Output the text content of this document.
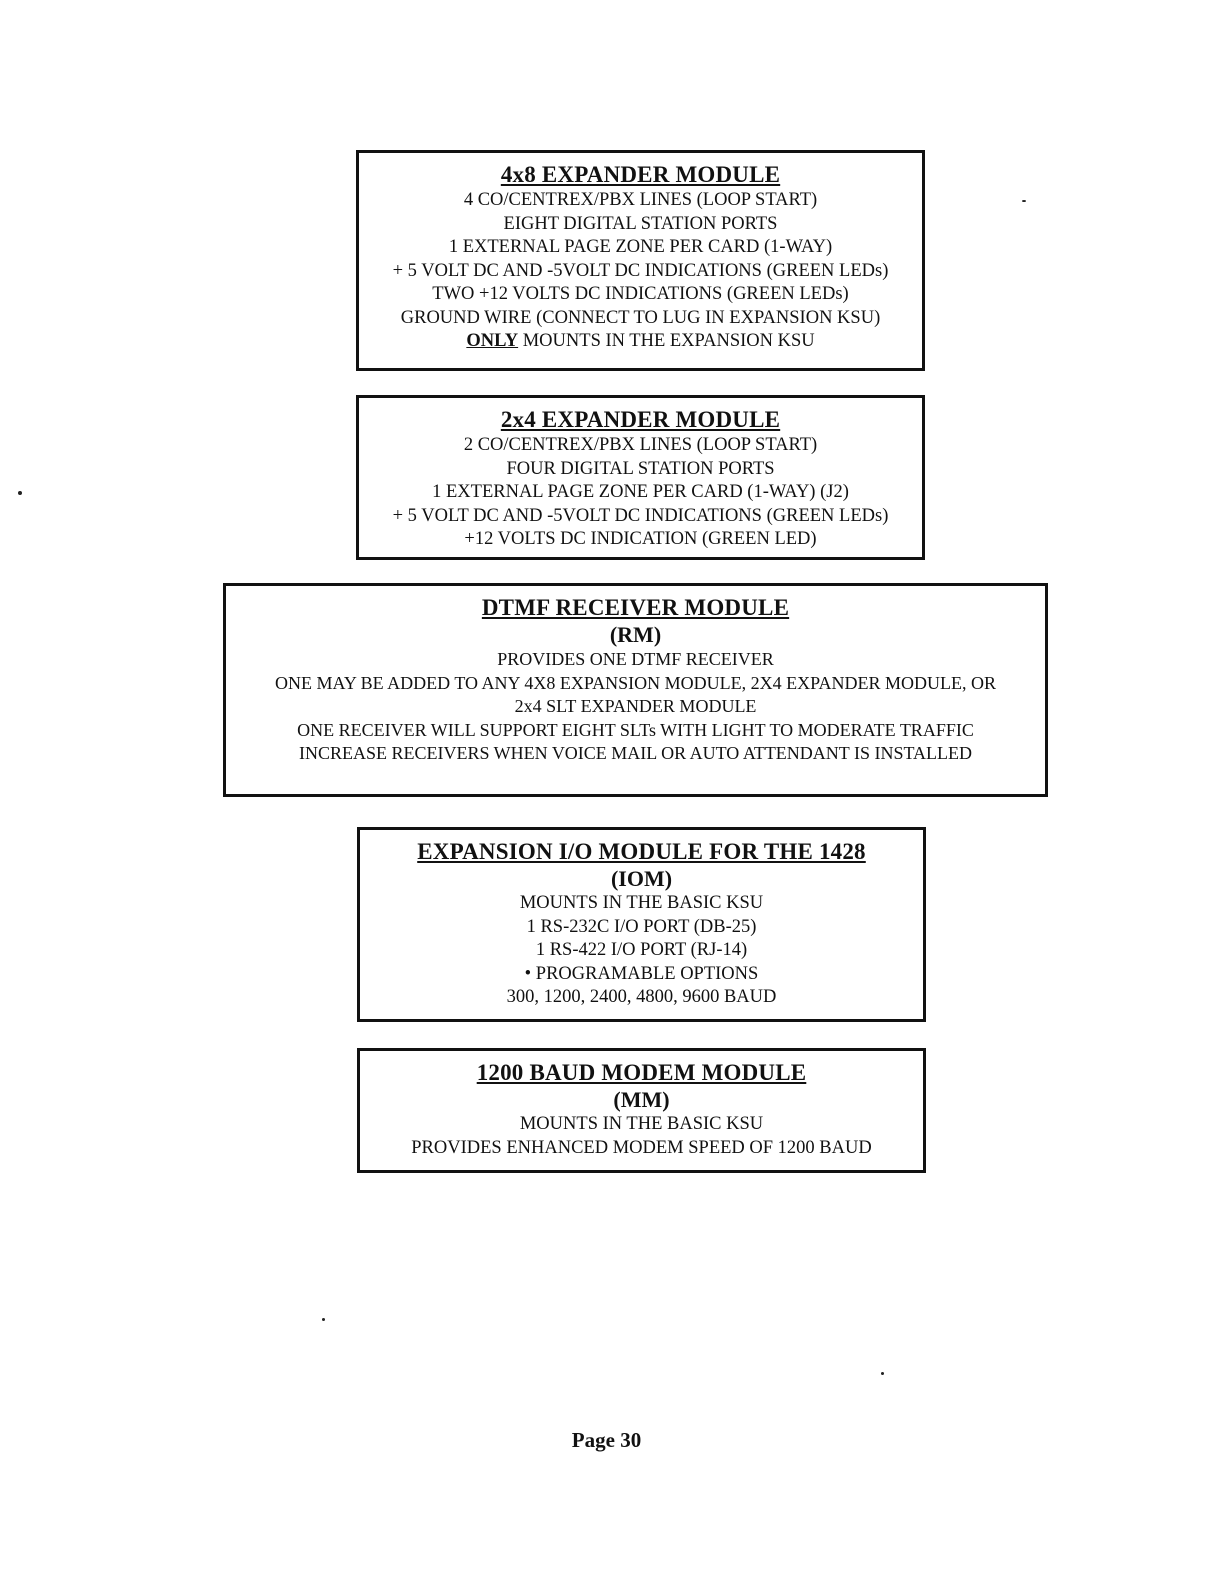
4x8 EXPANDER MODULE
4 CO/CENTREX/PBX LINES (LOOP START)
EIGHT DIGITAL STATION PORTS
1 EXTERNAL PAGE ZONE PER CARD (1-WAY)
+ 5 VOLT DC AND -5VOLT DC INDICATIONS (GREEN LEDs)
TWO +12 VOLTS DC INDICATIONS (GREEN LEDs)
GROUND WIRE (CONNECT TO LUG IN EXPANSION KSU)
ONLY MOUNTS IN THE EXPANSION KSU
2x4 EXPANDER MODULE
2 CO/CENTREX/PBX LINES (LOOP START)
FOUR DIGITAL STATION PORTS
1 EXTERNAL PAGE ZONE PER CARD (1-WAY) (J2)
+ 5 VOLT DC AND -5VOLT DC INDICATIONS (GREEN LEDs)
+12 VOLTS DC INDICATION (GREEN LED)
DTMF RECEIVER MODULE
(RM)
PROVIDES ONE DTMF RECEIVER
ONE MAY BE ADDED TO ANY 4X8 EXPANSION MODULE, 2X4 EXPANDER MODULE, OR
2x4 SLT EXPANDER MODULE
ONE RECEIVER WILL SUPPORT EIGHT SLTs WITH LIGHT TO MODERATE TRAFFIC
INCREASE RECEIVERS WHEN VOICE MAIL OR AUTO ATTENDANT IS INSTALLED
EXPANSION I/O MODULE FOR THE 1428
(IOM)
MOUNTS IN THE BASIC KSU
1 RS-232C I/O PORT (DB-25)
1 RS-422 I/O PORT (RJ-14)
• PROGRAMABLE OPTIONS
300, 1200, 2400, 4800, 9600 BAUD
1200 BAUD MODEM MODULE
(MM)
MOUNTS IN THE BASIC KSU
PROVIDES ENHANCED MODEM SPEED OF 1200 BAUD
Page 30
